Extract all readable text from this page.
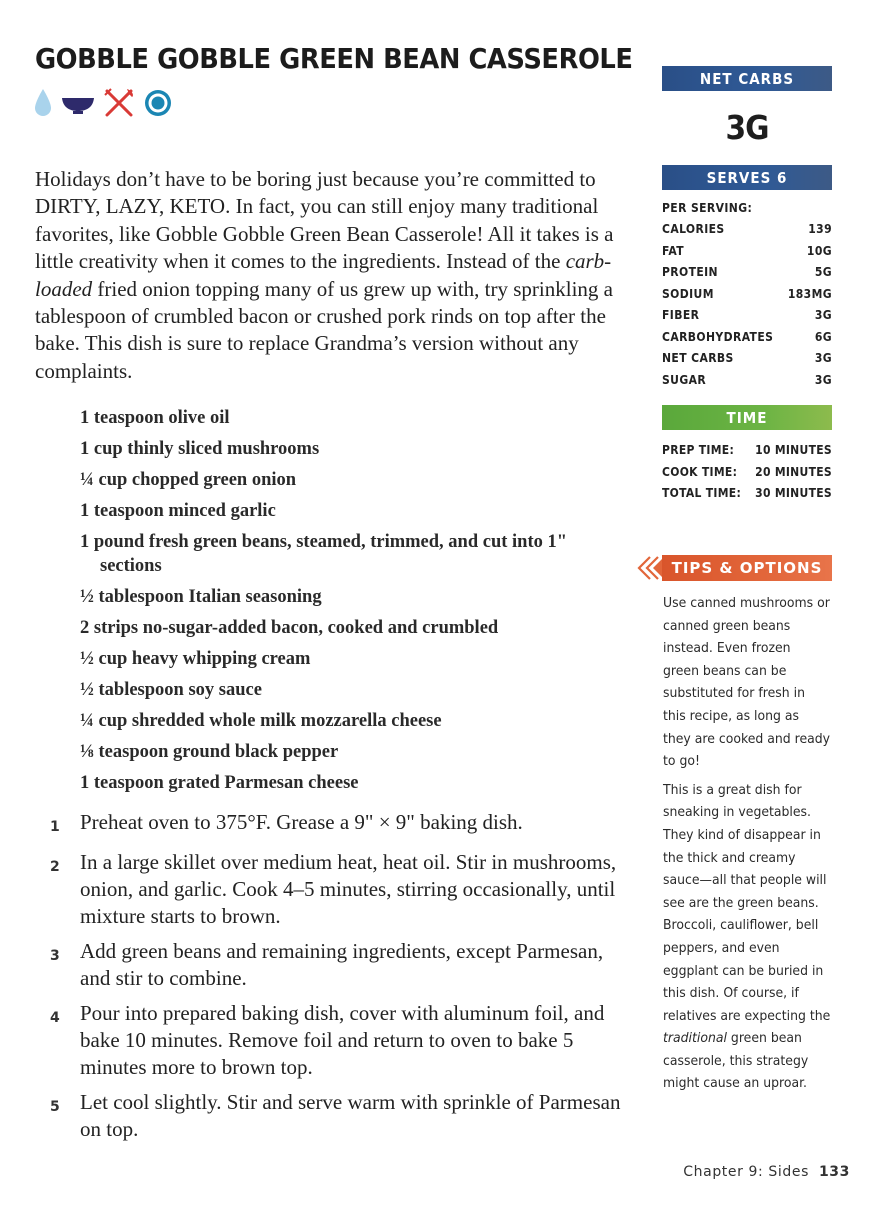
GOBBLE GOBBLE GREEN BEAN CASSEROLE

Holidays don’t have to be boring just because you’re committed to DIRTY, LAZY, KETO. In fact, you can still enjoy many traditional favorites, like Gobble Gobble Green Bean Casserole! All it takes is a little creativity when it comes to the ingredients. Instead of the carb-loaded fried onion topping many of us grew up with, try sprinkling a tablespoon of crumbled bacon or crushed pork rinds on top after the bake. This dish is sure to replace Grandma’s version without any complaints.

1 teaspoon olive oil
1 cup thinly sliced mushrooms
¼ cup chopped green onion
1 teaspoon minced garlic
1 pound fresh green beans, steamed, trimmed, and cut into 1" sections
½ tablespoon Italian seasoning
2 strips no-sugar-added bacon, cooked and crumbled
½ cup heavy whipping cream
½ tablespoon soy sauce
¼ cup shredded whole milk mozzarella cheese
⅛ teaspoon ground black pepper
1 teaspoon grated Parmesan cheese
1 Preheat oven to 375°F. Grease a 9" × 9" baking dish.
2 In a large skillet over medium heat, heat oil. Stir in mushrooms, onion, and garlic. Cook 4–5 minutes, stirring occasionally, until mixture starts to brown.
3 Add green beans and remaining ingredients, except Parmesan, and stir to combine.
4 Pour into prepared baking dish, cover with aluminum foil, and bake 10 minutes. Remove foil and return to oven to bake 5 minutes more to brown top.
5 Let cool slightly. Stir and serve warm with sprinkle of Parmesan on top.
NET CARBS
3G
SERVES 6
PER SERVING:
CALORIES	139
FAT	10G
PROTEIN	5G
SODIUM	183MG
FIBER	3G
CARBOHYDRATES	6G
NET CARBS	3G
SUGAR	3G
TIME
PREP TIME: 10 MINUTES
COOK TIME: 20 MINUTES
TOTAL TIME: 30 MINUTES
TIPS & OPTIONS

Use canned mushrooms or canned green beans instead. Even frozen green beans can be substituted for fresh in this recipe, as long as they are cooked and ready to go!

This is a great dish for sneaking in vegetables. They kind of disappear in the thick and creamy sauce—all that people will see are the green beans. Broccoli, cauliflower, bell peppers, and even eggplant can be buried in this dish. Of course, if relatives are expecting the traditional green bean casserole, this strategy might cause an uproar.

Chapter 9: Sides 133
